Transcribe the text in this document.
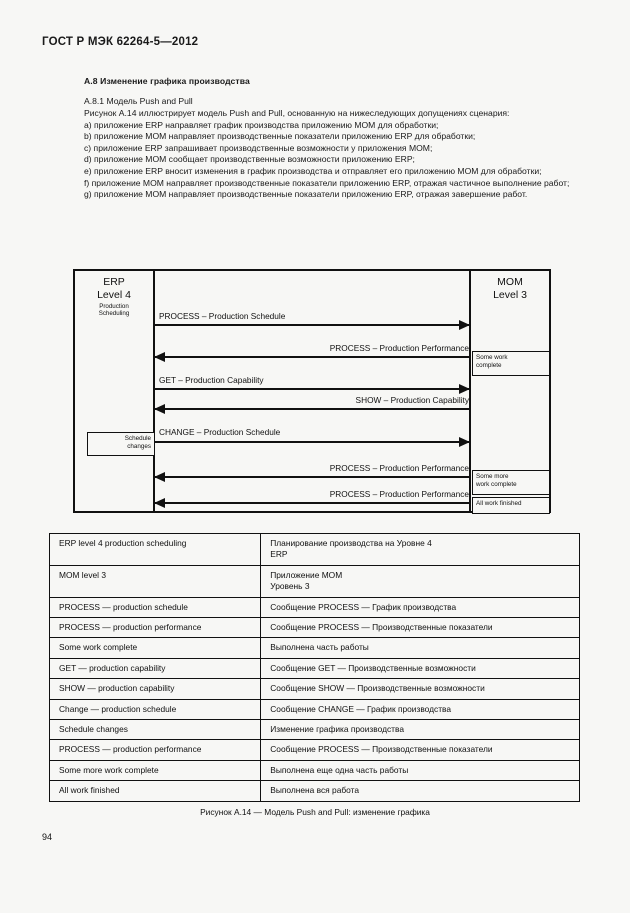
ГОСТ Р МЭК 62264-5—2012
А.8 Изменение графика производства
А.8.1 Модель Push and Pull

Рисунок А.14 иллюстрирует модель Push and Pull, основанную на нижеследующих допущениях сценария:

a) приложение ERP направляет график производства приложению MOM для обработки;

b) приложение MOM направляет производственные показатели приложению ERP для обработки;

c) приложение ERP запрашивает производственные возможности у приложения MOM;

d) приложение MOM сообщает производственные возможности приложению ERP;

e) приложение ERP вносит изменения в график производства и отправляет его приложению MOM для обработки;

f) приложение MOM направляет производственные показатели приложению ERP, отражая частичное выполнение работ;

g) приложение MOM направляет производственные показатели приложению ERP, отражая завершение работ.

ERP
Level 4
Production
Scheduling
MOM
Level 3
PROCESS – Production Schedule
PROCESS – Production Performance
Some work
complete
GET – Production Capability
SHOW – Production Capability
Schedule
changes
CHANGE – Production Schedule
PROCESS – Production Performance
Some more
work complete
PROCESS – Production Performance
All work finished
ERP level 4 production scheduling	Планирование производства на Уровне 4
ERP
MOM level 3	Приложение MOM
Уровень 3
PROCESS — production schedule	Сообщение PROCESS — График производства
PROCESS — production performance	Сообщение PROCESS — Производственные показатели
Some work complete	Выполнена часть работы
GET — production capability	Сообщение GET — Производственные возможности
SHOW — production capability	Сообщение SHOW — Производственные возможности
Change — production schedule	Сообщение CHANGE — График производства
Schedule changes	Изменение графика производства
PROCESS — production performance	Сообщение PROCESS — Производственные показатели
Some more work complete	Выполнена еще одна часть работы
All work finished	Выполнена вся работа
Рисунок А.14 — Модель Push and Pull: изменение графика
94
